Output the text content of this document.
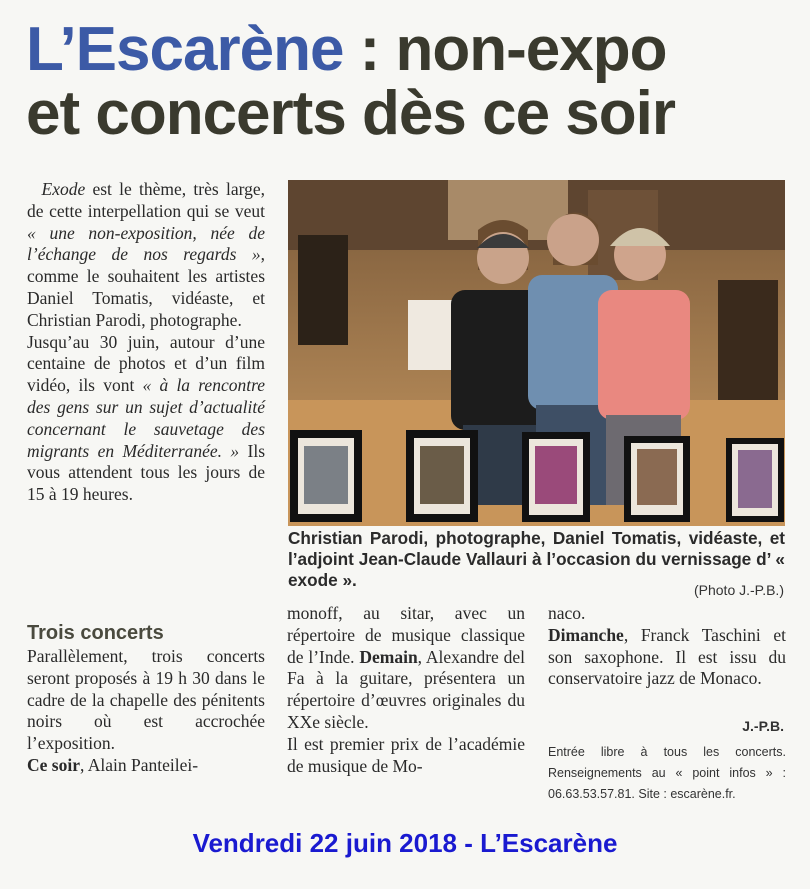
L’Escarène : non-expo
et concerts dès ce soir

Exode est le thème, très large, de cette interpellation qui se veut « une non-exposition, née de l’échange de nos regards », comme le souhaitent les artistes Daniel Tomatis, vidéaste, et Christian Parodi, photographe.

Jusqu’au 30 juin, autour d’une centaine de photos et d’un film vidéo, ils vont « à la rencontre des gens sur un sujet d’actualité concernant le sauvetage des migrants en Méditerranée. » Ils vous attendent tous les jours de 15 à 19 heures.

Trois concerts

Parallèlement, trois concerts seront proposés à 19 h 30 dans le cadre de la chapelle des pénitents noirs où est accrochée l’exposition.

Ce soir, Alain Panteilei-

Christian Parodi, photographe, Daniel Tomatis, vidéaste, et l’adjoint Jean-Claude Vallauri à l’occasion du vernissage d’ « exode ».	(Photo J.-P.B.)

monoff, au sitar, avec un répertoire de musique classique de l’Inde. Demain, Alexandre del Fa à la guitare, présentera un répertoire d’œuvres originales du XXe siècle.

Il est premier prix de l’académie de musique de Mo-

naco.

Dimanche, Franck Taschini et son saxophone. Il est issu du conservatoire jazz de Monaco.

J.-P.B.
Entrée libre à tous les concerts. Renseignements au « point infos » : 06.63.53.57.81. Site : escarène.fr.
Vendredi 22 juin 2018 - L’Escarène
